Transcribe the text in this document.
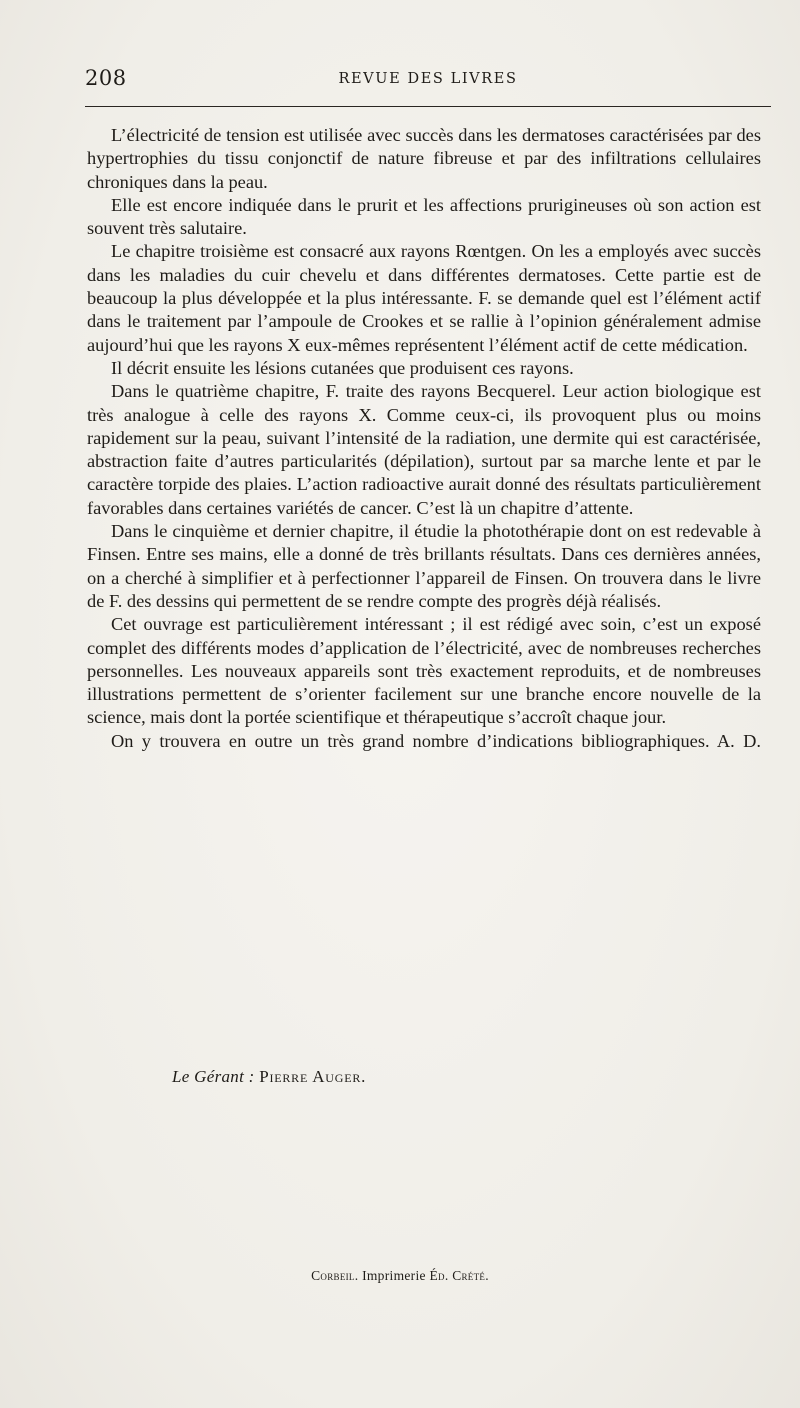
208	REVUE DES LIVRES

L’électricité de tension est utilisée avec succès dans les dermatoses caractérisées par des hypertrophies du tissu conjonctif de nature fibreuse et par des infiltrations cellulaires chroniques dans la peau.

Elle est encore indiquée dans le prurit et les affections prurigineuses où son action est souvent très salutaire.

Le chapitre troisième est consacré aux rayons Rœntgen. On les a employés avec succès dans les maladies du cuir chevelu et dans différentes dermatoses. Cette partie est de beaucoup la plus développée et la plus intéressante. F. se demande quel est l’élément actif dans le traitement par l’ampoule de Crookes et se rallie à l’opinion généralement admise aujourd’hui que les rayons X eux-mêmes représentent l’élément actif de cette médication.

Il décrit ensuite les lésions cutanées que produisent ces rayons.

Dans le quatrième chapitre, F. traite des rayons Becquerel. Leur action biologique est très analogue à celle des rayons X. Comme ceux-ci, ils provoquent plus ou moins rapidement sur la peau, suivant l’intensité de la radiation, une dermite qui est caractérisée, abstraction faite d’autres particularités (dépilation), surtout par sa marche lente et par le caractère torpide des plaies. L’action radioactive aurait donné des résultats particulièrement favorables dans certaines variétés de cancer. C’est là un chapitre d’attente.

Dans le cinquième et dernier chapitre, il étudie la photothérapie dont on est redevable à Finsen. Entre ses mains, elle a donné de très brillants résultats. Dans ces dernières années, on a cherché à simplifier et à perfectionner l’appareil de Finsen. On trouvera dans le livre de F. des dessins qui permettent de se rendre compte des progrès déjà réalisés.

Cet ouvrage est particulièrement intéressant ; il est rédigé avec soin, c’est un exposé complet des différents modes d’application de l’électricité, avec de nombreuses recherches personnelles. Les nouveaux appareils sont très exactement reproduits, et de nombreuses illustrations permettent de s’orienter facilement sur une branche encore nouvelle de la science, mais dont la portée scientifique et thérapeutique s’accroît chaque jour.

On y trouvera en outre un très grand nombre d’indications bibliographiques. A. D.

Le Gérant : Pierre Auger.
Corbeil. Imprimerie Éd. Crété.
